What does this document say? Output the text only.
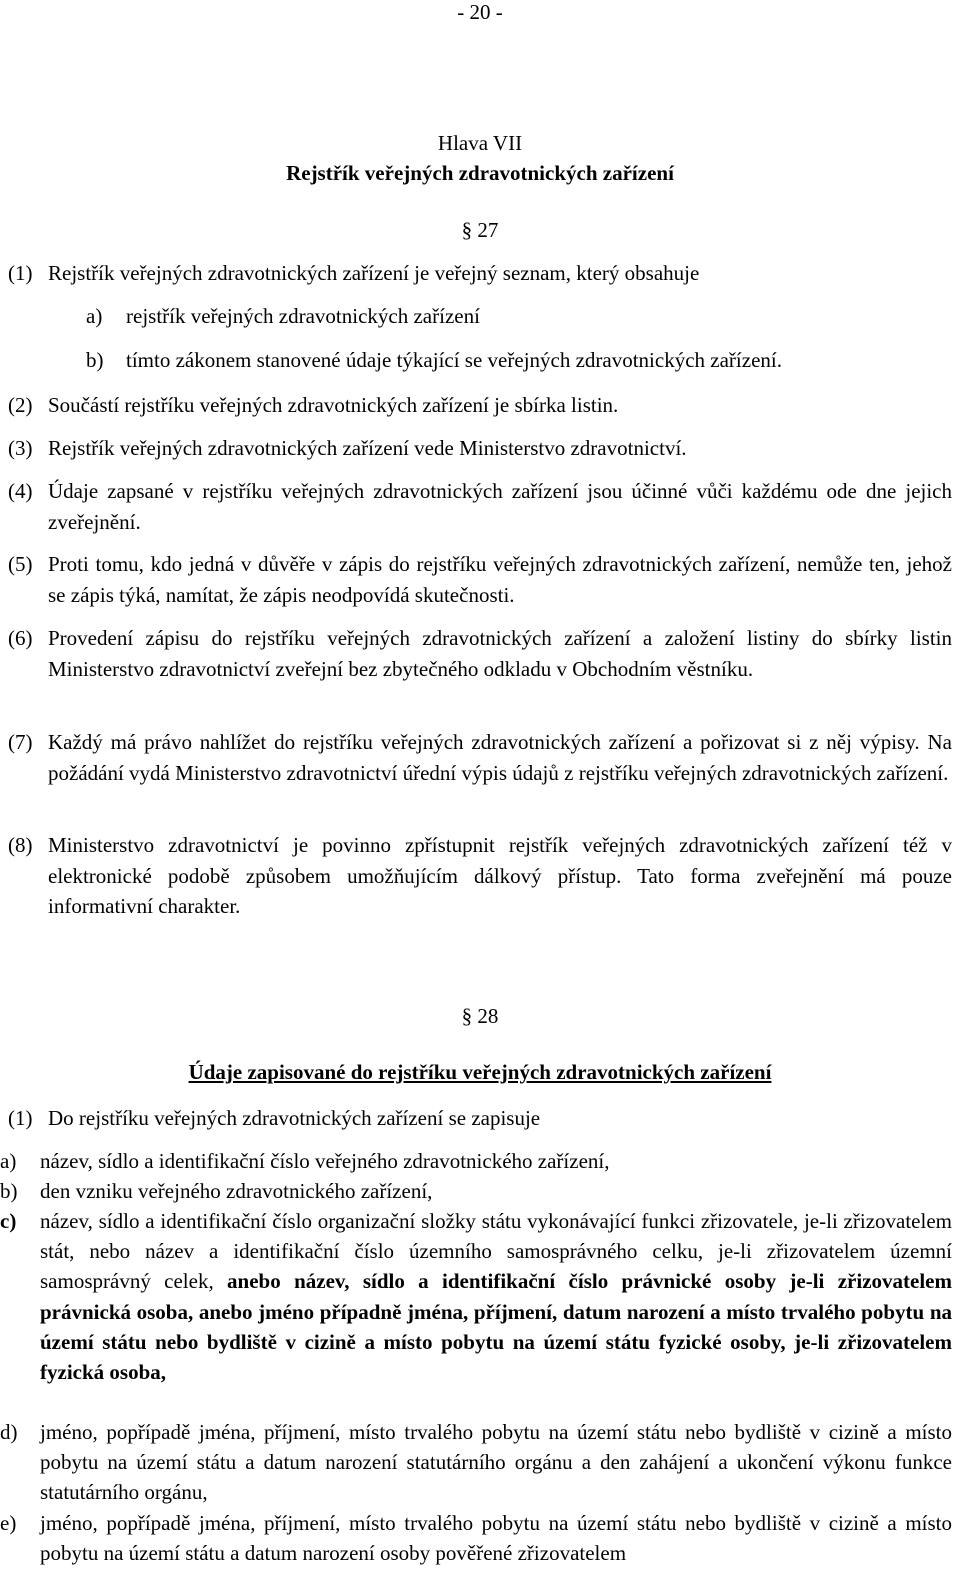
- 20 -
Hlava VII
Rejstřík veřejných zdravotnických zařízení
§ 27
(1) Rejstřík veřejných zdravotnických zařízení je veřejný seznam, který obsahuje
a) rejstřík veřejných zdravotnických zařízení
b) tímto zákonem stanovené údaje týkající se veřejných zdravotnických zařízení.
(2) Součástí rejstříku veřejných zdravotnických zařízení je sbírka listin.
(3) Rejstřík veřejných zdravotnických zařízení vede Ministerstvo zdravotnictví.
(4) Údaje zapsané v rejstříku veřejných zdravotnických zařízení jsou účinné vůči každému ode dne jejich zveřejnění.
(5) Proti tomu, kdo jedná v důvěře v zápis do rejstříku veřejných zdravotnických zařízení, nemůže ten, jehož se zápis týká, namítat, že zápis neodpovídá skutečnosti.
(6) Provedení zápisu do rejstříku veřejných zdravotnických zařízení a založení listiny do sbírky listin Ministerstvo zdravotnictví zveřejní bez zbytečného odkladu v Obchodním věstníku.
(7) Každý má právo nahlížet do rejstříku veřejných zdravotnických zařízení a pořizovat si z něj výpisy. Na požádání vydá Ministerstvo zdravotnictví úřední výpis údajů z rejstříku veřejných zdravotnických zařízení.
(8) Ministerstvo zdravotnictví je povinno zpřístupnit rejstřík veřejných zdravotnických zařízení též v elektronické podobě způsobem umožňujícím dálkový přístup. Tato forma zveřejnění má pouze informativní charakter.
§ 28
Údaje zapisované do rejstříku veřejných zdravotnických zařízení
(1) Do rejstříku veřejných zdravotnických zařízení se zapisuje
a) název, sídlo a identifikační číslo veřejného zdravotnického zařízení,
b) den vzniku veřejného zdravotnického zařízení,
c) název, sídlo a identifikační číslo organizační složky státu vykonávající funkci zřizovatele, je-li zřizovatelem stát, nebo název a identifikační číslo územního samosprávného celku, je-li zřizovatelem územní samosprávný celek, anebo název, sídlo a identifikační číslo právnické osoby je-li zřizovatelem právnická osoba, anebo jméno případně jména, příjmení, datum narození a místo trvalého pobytu na území státu nebo bydliště v cizině a místo pobytu na území státu fyzické osoby, je-li zřizovatelem fyzická osoba,
d) jméno, popřípadě jména, příjmení, místo trvalého pobytu na území státu nebo bydliště v cizině a místo pobytu na území státu a datum narození statutárního orgánu a den zahájení a ukončení výkonu funkce statutárního orgánu,
e) jméno, popřípadě jména, příjmení, místo trvalého pobytu na území státu nebo bydliště v cizině a místo pobytu na území státu a datum narození osoby pověřené zřizovatelem
